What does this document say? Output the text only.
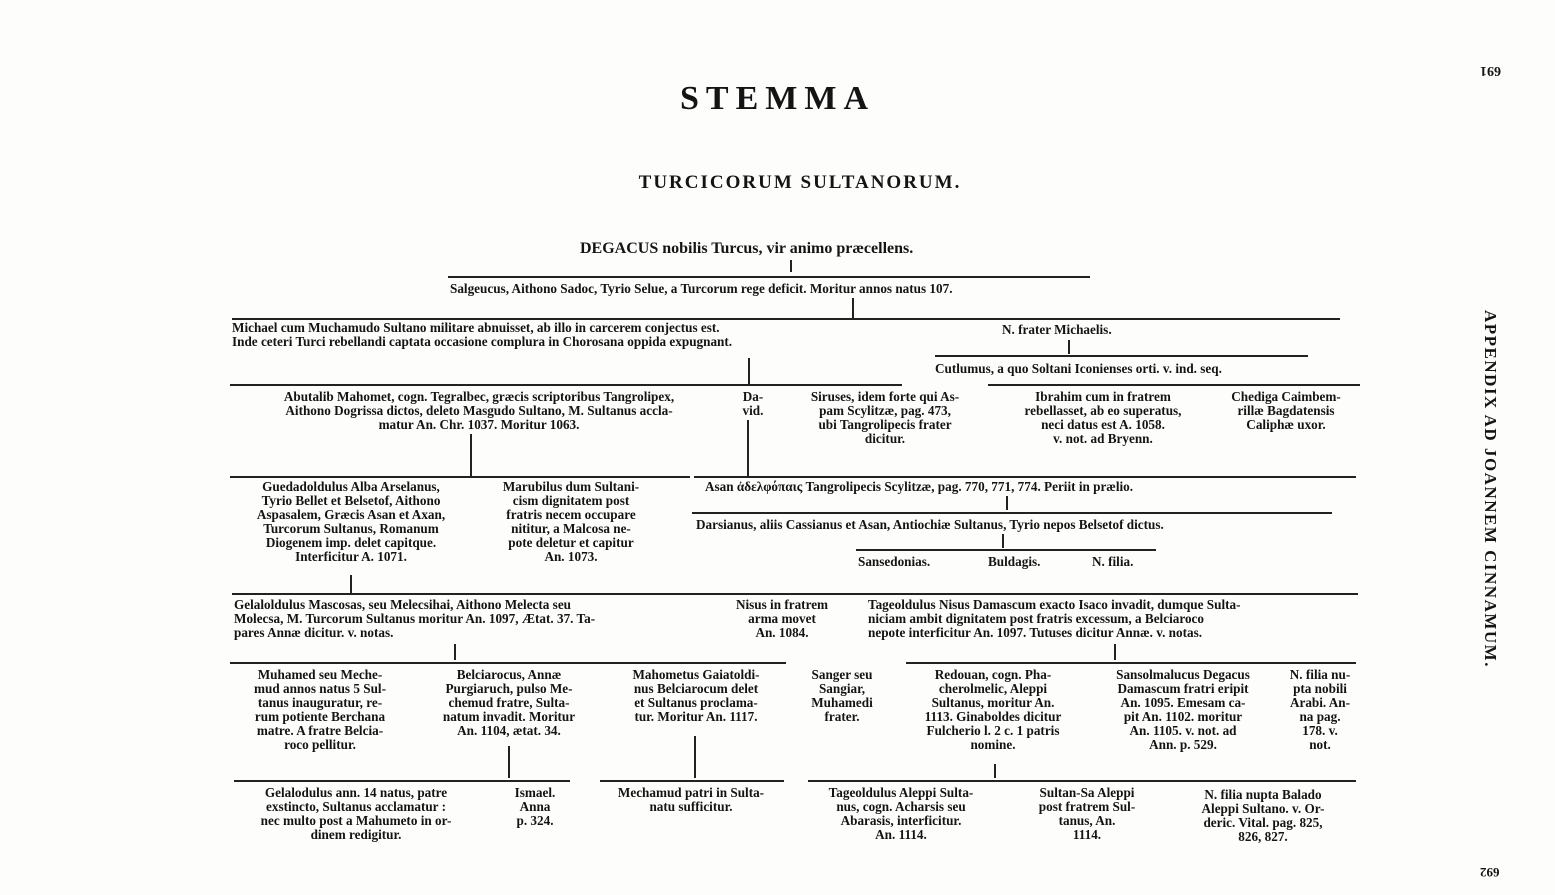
STEMMA
TURCICORUM SULTANORUM.
691
692
APPENDIX AD JOANNEM CINNAMUM.
DEGACUS nobilis Turcus, vir animo præcellens.
Salgeucus, Aithono Sadoc, Tyrio Selue, a Turcorum rege deficit. Moritur annos natus 107.
Michael cum Muchamudo Sultano militare abnuisset, ab illo in carcerem conjectus est.
Inde ceteri Turci rebellandi captata occasione complura in Chorosana oppida expugnant.
N. frater Michaelis.
Cutlumus, a quo Soltani Iconienses orti. v. ind. seq.
Abutalib Mahomet, cogn. Tegralbec, græcis scriptoribus Tangrolipex,
Aithono Dogrissa dictos, deleto Masgudo Sultano, M. Sultanus accla-
matur An. Chr. 1037. Moritur 1063.
Da-
vid.
Siruses, idem forte qui As-
pam Scylitzæ, pag. 473,
ubi Tangrolipecis frater
dicitur.
Ibrahim cum in fratrem
rebellasset, ab eo superatus,
neci datus est A. 1058.
v. not. ad Bryenn.
Chediga Caimbem-
rillæ Bagdatensis
Caliphæ uxor.
Guedadoldulus Alba Arselanus,
Tyrio Bellet et Belsetof, Aithono
Aspasalem, Græcis Asan et Axan,
Turcorum Sultanus, Romanum
Diogenem imp. delet capitque.
Interficitur A. 1071.
Marubilus dum Sultani-
cism dignitatem post
fratris necem occupare
nititur, a Malcosa ne-
pote deletur et capitur
An. 1073.
Asan ἀδελφόπαις Tangrolipecis Scylitzæ, pag. 770, 771, 774. Periit in prælio.
Darsianus, aliis Cassianus et Asan, Antiochiæ Sultanus, Tyrio nepos Belsetof dictus.
Sansedonias.	Buldagis.	N. filia.
Gelaloldulus Mascosas, seu Melecsihai, Aithono Melecta seu
Molecsa, M. Turcorum Sultanus moritur An. 1097, Ætat. 37. Ta-
pares Annæ dicitur. v. notas.
Nisus in fratrem
arma movet
An. 1084.
Tageoldulus Nisus Damascum exacto Isaco invadit, dumque Sulta-
niciam ambit dignitatem post fratris excessum, a Belciaroco
nepote interficitur An. 1097. Tutuses dicitur Annæ. v. notas.
Muhamed seu Meche-
mud annos natus 5 Sul-
tanus inauguratur, re-
rum potiente Berchana
matre. A fratre Belcia-
roco pellitur.
Belciarocus, Annæ
Purgiaruch, pulso Me-
chemud fratre, Sulta-
natum invadit. Moritur
An. 1104, ætat. 34.
Mahometus Gaiatoldi-
nus Belciarocum delet
et Sultanus proclama-
tur. Moritur An. 1117.
Sanger seu
Sangiar,
Muhamedi
frater.
Redouan, cogn. Pha-
cherolmelic, Aleppi
Sultanus, moritur An.
1113. Ginaboldes dicitur
Fulcherio l. 2 c. 1 patris
nomine.
Sansolmalucus Degacus
Damascum fratri eripit
An. 1095. Emesam ca-
pit An. 1102. moritur
An. 1105. v. not. ad
Ann. p. 529.
N. filia nu-
pta nobili
Arabi. An-
na pag.
178. v.
not.
Gelalodulus ann. 14 natus, patre
exstincto, Sultanus acclamatur :
nec multo post a Mahumeto in or-
dinem redigitur.
Ismael.
Anna
p. 324.
Mechamud patri in Sulta-
natu sufficitur.
Tageoldulus Aleppi Sulta-
nus, cogn. Acharsis seu
Abarasis, interficitur.
An. 1114.
Sultan-Sa Aleppi
post fratrem Sul-
tanus, An.
1114.
N. filia nupta Balado
Aleppi Sultano. v. Or-
deric. Vital. pag. 825,
826, 827.
